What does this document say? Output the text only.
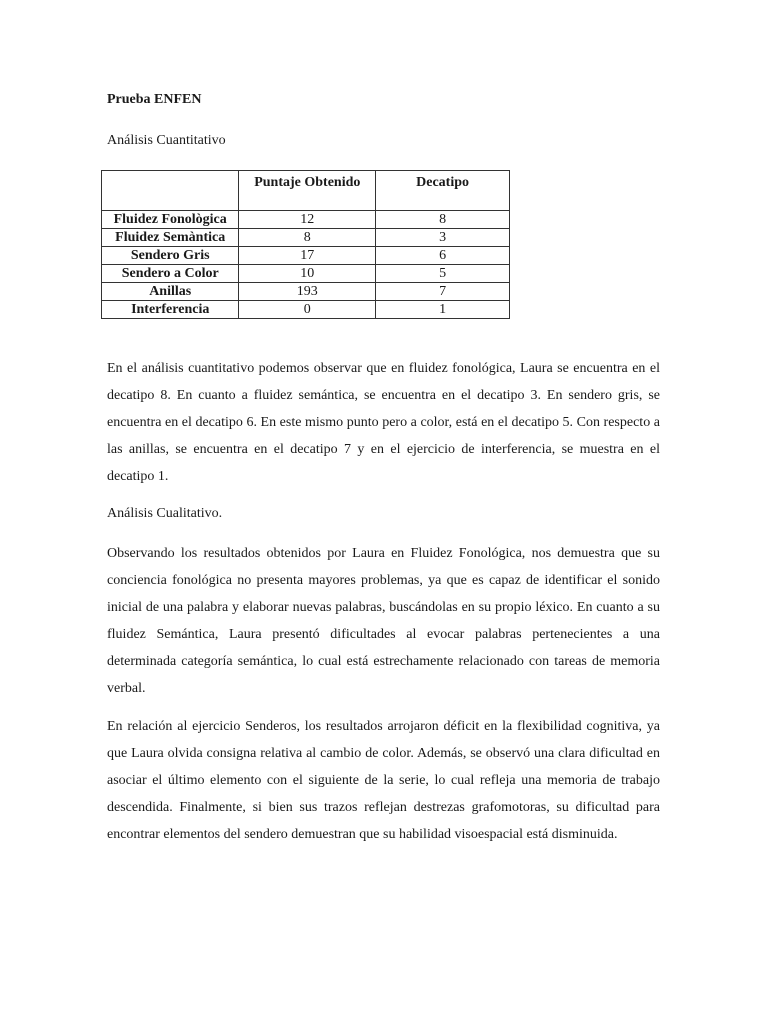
Prueba ENFEN
Análisis Cuantitativo
	Puntaje Obtenido	Decatipo
Fluidez Fonològica	12	8
Fluidez Semàntica	8	3
Sendero Gris	17	6
Sendero a Color	10	5
Anillas	193	7
Interferencia	0	1

En el análisis cuantitativo podemos observar que en fluidez fonológica, Laura se encuentra en el decatipo 8. En cuanto a fluidez semántica, se encuentra en el decatipo 3. En sendero gris, se encuentra en el decatipo 6. En este mismo punto pero a color, está en el decatipo 5. Con respecto a las anillas, se encuentra en el decatipo 7 y en el ejercicio de interferencia, se muestra en el decatipo 1.

Análisis Cualitativo.

Observando los resultados obtenidos por Laura en Fluidez Fonológica, nos demuestra que su conciencia fonológica no presenta mayores problemas, ya que es capaz de identificar el sonido inicial de una palabra y elaborar nuevas palabras, buscándolas en su propio léxico. En cuanto a su fluidez Semántica, Laura presentó dificultades al evocar palabras pertenecientes a una determinada categoría semántica, lo cual está estrechamente relacionado con tareas de memoria verbal.

En relación al ejercicio Senderos, los resultados arrojaron déficit en la flexibilidad cognitiva, ya que Laura olvida consigna relativa al cambio de color. Además, se observó una clara dificultad en asociar el último elemento con el siguiente de la serie, lo cual refleja una memoria de trabajo descendida. Finalmente, si bien sus trazos reflejan destrezas grafomotoras, su dificultad para encontrar elementos del sendero demuestran que su habilidad visoespacial está disminuida.
